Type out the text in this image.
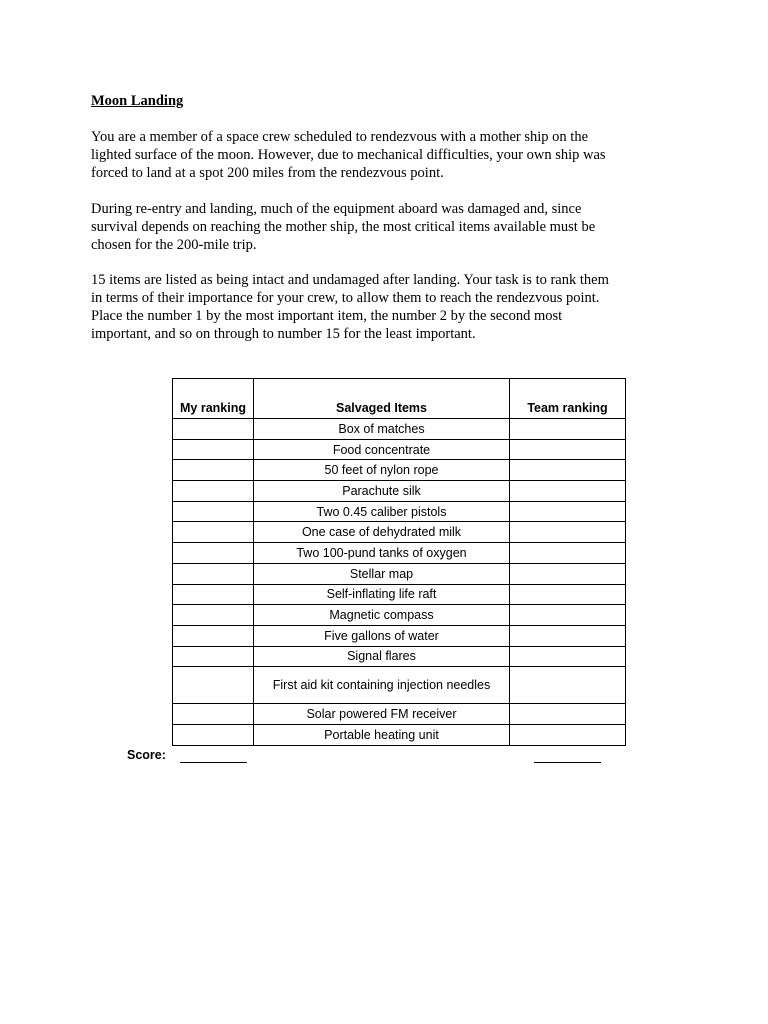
Moon Landing

You are a member of a space crew scheduled to rendezvous with a mother ship on the lighted surface of the moon. However, due to mechanical difficulties, your own ship was forced to land at a spot 200 miles from the rendezvous point.

During re-entry and landing, much of the equipment aboard was damaged and, since survival depends on reaching the mother ship, the most critical items available must be chosen for the 200-mile trip.

15 items are listed as being intact and undamaged after landing. Your task is to rank them in terms of their importance for your crew, to allow them to reach the rendezvous point. Place the number 1 by the most important item, the number 2 by the second most important, and so on through to number 15 for the least important.

My ranking	Salvaged Items	Team ranking
	Box of matches	
	Food concentrate	
	50 feet of nylon rope	
	Parachute silk	
	Two 0.45 caliber pistols	
	One case of dehydrated milk	
	Two 100-pund tanks of oxygen	
	Stellar map	
	Self-inflating life raft	
	Magnetic compass	
	Five gallons of water	
	Signal flares	
	First aid kit containing injection needles	
	Solar powered FM receiver	
	Portable heating unit	
Score:
